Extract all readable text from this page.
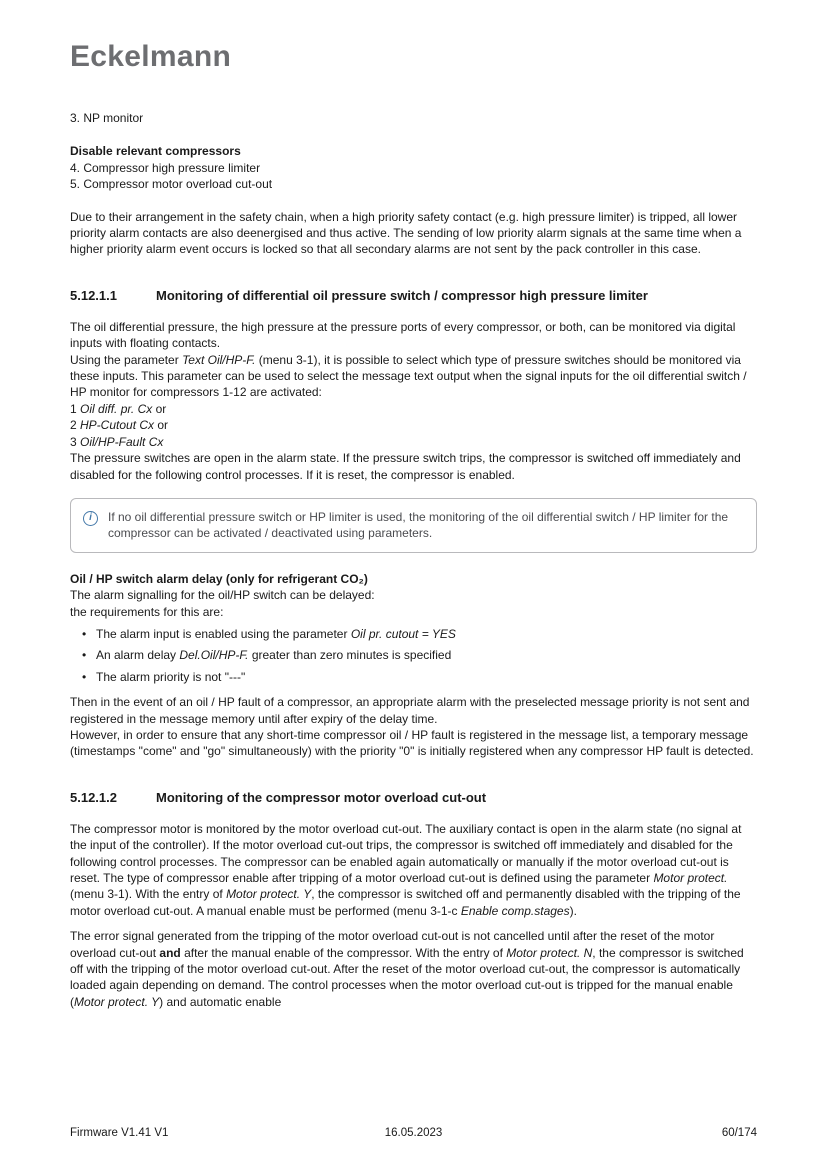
Eckelmann

3. NP monitor

Disable relevant compressors

4. Compressor high pressure limiter

5. Compressor motor overload cut-out

Due to their arrangement in the safety chain, when a high priority safety contact (e.g. high pressure limiter) is tripped, all lower priority alarm contacts are also deenergised and thus active. The sending of low priority alarm signals at the same time when a higher priority alarm event occurs is locked so that all secondary alarms are not sent by the pack controller in this case.

5.12.1.1	Monitoring of differential oil pressure switch / compressor high pressure limiter

The oil differential pressure, the high pressure at the pressure ports of every compressor, or both, can be monitored via digital inputs with floating contacts.

Using the parameter Text Oil/HP-F. (menu 3-1), it is possible to select which type of pressure switches should be monitored via these inputs. This parameter can be used to select the message text output when the signal inputs for the oil differential switch / HP monitor for compressors 1-12 are activated:

1 Oil diff. pr. Cx or

2 HP-Cutout Cx or

3 Oil/HP-Fault Cx

The pressure switches are open in the alarm state. If the pressure switch trips, the compressor is switched off immediately and disabled for the following control processes. If it is reset, the compressor is enabled.

i	If no oil differential pressure switch or HP limiter is used, the monitoring of the oil differential switch / HP limiter for the compressor can be activated / deactivated using parameters.

Oil / HP switch alarm delay (only for refrigerant CO₂)

The alarm signalling for the oil/HP switch can be delayed:

the requirements for this are:

• The alarm input is enabled using the parameter Oil pr. cutout = YES
• An alarm delay Del.Oil/HP-F. greater than zero minutes is specified
• The alarm priority is not "---"

Then in the event of an oil / HP fault of a compressor, an appropriate alarm with the preselected message priority is not sent and registered in the message memory until after expiry of the delay time.

However, in order to ensure that any short-time compressor oil / HP fault is registered in the message list, a temporary message (timestamps "come" and "go" simultaneously) with the priority "0" is initially registered when any compressor HP fault is detected.

5.12.1.2	Monitoring of the compressor motor overload cut-out

The compressor motor is monitored by the motor overload cut-out. The auxiliary contact is open in the alarm state (no signal at the input of the controller). If the motor overload cut-out trips, the compressor is switched off immediately and disabled for the following control processes. The compressor can be enabled again automatically or manually if the motor overload cut-out is reset. The type of compressor enable after tripping of a motor overload cut-out is defined using the parameter Motor protect. (menu 3-1). With the entry of Motor protect. Y, the compressor is switched off and permanently disabled with the tripping of the motor overload cut-out. A manual enable must be performed (menu 3-1-c Enable comp.stages).

The error signal generated from the tripping of the motor overload cut-out is not cancelled until after the reset of the motor overload cut-out and after the manual enable of the compressor. With the entry of Motor protect. N, the compressor is switched off with the tripping of the motor overload cut-out. After the reset of the motor overload cut-out, the compressor is automatically loaded again depending on demand. The control processes when the motor overload cut-out is tripped for the manual enable (Motor protect. Y) and automatic enable

Firmware V1.41 V1	16.05.2023	60/174
